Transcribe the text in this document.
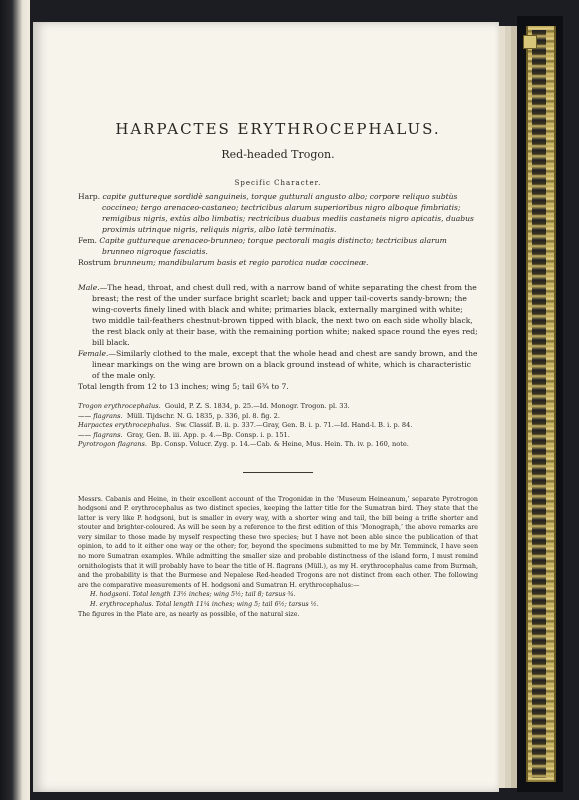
HARPACTES ERYTHROCEPHALUS.

Red-headed Trogon.

Specific Character.

Harp. capite guttureque sordidè sanguineis, torque gutturali angusto albo; corpore reliquo subtùs coccineo; tergo arenaceo-castaneo; tectricibus alarum superioribus nigro alboque fimbriatis; remigibus nigris, extùs albo limbatis; rectricibus duabus mediis castaneis nigro apicatis, duabus proximis utrinque nigris, reliquis nigris, albo latè terminatis.

Fem. Capite guttureque arenaceo-brunneo; torque pectorali magis distincto; tectricibus alarum brunneo nigroque fasciatis.

Rostrum brunneum; mandibularum basis et regio parotica nudæ coccineæ.

Male.—The head, throat, and chest dull red, with a narrow band of white separating the chest from the breast; the rest of the under surface bright scarlet; back and upper tail-coverts sandy-brown; the wing-coverts finely lined with black and white; primaries black, externally margined with white; two middle tail-feathers chestnut-brown tipped with black, the next two on each side wholly black, the rest black only at their base, with the remaining portion white; naked space round the eyes red; bill black.

Female.—Similarly clothed to the male, except that the whole head and chest are sandy brown, and the linear markings on the wing are brown on a black ground instead of white, which is characteristic of the male only.

Total length from 12 to 13 inches; wing 5; tail 6¾ to 7.

Trogon erythrocephalus. Gould, P. Z. S. 1834, p. 25.—Id. Monogr. Trogon. pl. 33.

—— flagrans. Müll. Tijdschr. N. G. 1835, p. 336, pl. 8. fig. 2.

Harpactes erythrocephalus. Sw. Classif. B. ii. p. 337.—Gray, Gen. B. i. p. 71.—Id. Hand-l. B. i. p. 84.

—— flagrans. Gray, Gen. B. iii. App. p. 4.—Bp. Consp. i. p. 151.

Pyrotrogon flagrans. Bp. Consp. Volucr. Zyg. p. 14.—Cab. & Heine, Mus. Hein. Th. iv. p. 160, note.

Messrs. Cabanis and Heine, in their excellent account of the Trogonidæ in the ‘Museum Heineanum,’ separate Pyrotrogon hodgsoni and P. erythrocephalus as two distinct species, keeping the latter title for the Sumatran bird. They state that the latter is very like P. hodgsoni, but is smaller in every way, with a shorter wing and tail, the bill being a trifle shorter and stouter and brighter-coloured. As will be seen by a reference to the first edition of this ‘Monograph,’ the above remarks are very similar to those made by myself respecting these two species; but I have not been able since the publication of that opinion, to add to it either one way or the other; for, beyond the specimens submitted to me by Mr. Temminck, I have seen no more Sumatran examples. While admitting the smaller size and probable distinctness of the island form, I must remind ornithologists that it will probably have to bear the title of H. flagrans (Müll.), as my H. erythrocephalus came from Burmah, and the probability is that the Burmese and Nepalese Red-headed Trogons are not distinct from each other. The following are the comparative measurements of H. hodgsoni and Sumatran H. erythrocephalus:—

H. hodgsoni. Total length 13½ inches; wing 5½; tail 8; tarsus ¾.

H. erythrocephalus. Total length 11¼ inches; wing 5; tail 6½; tarsus ½.

The figures in the Plate are, as nearly as possible, of the natural size.
